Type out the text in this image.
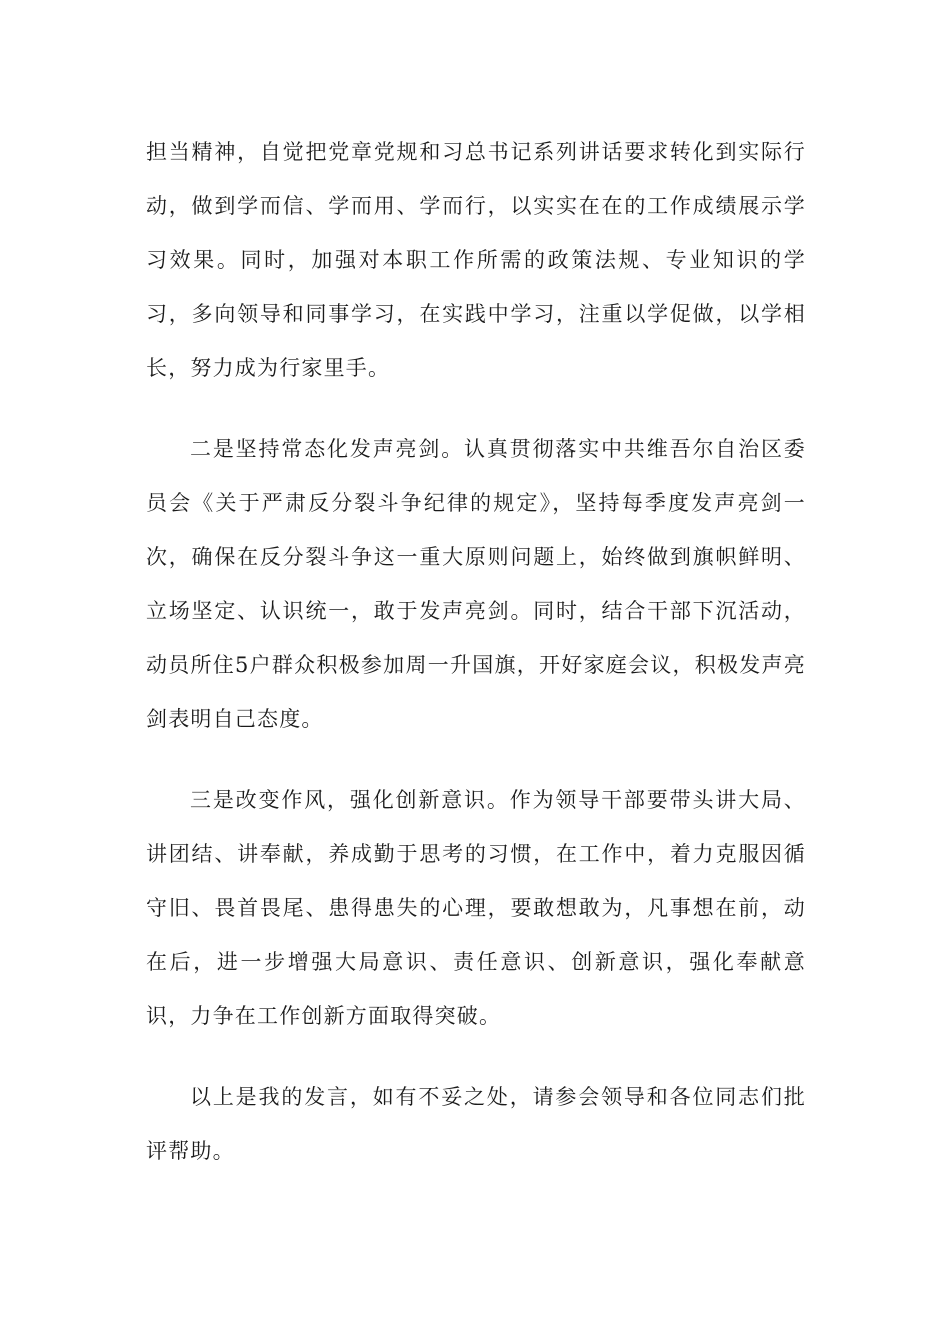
担当精神，自觉把党章党规和习总书记系列讲话要求转化到实际行动，做到学而信、学而用、学而行，以实实在在的工作成绩展示学习效果。同时，加强对本职工作所需的政策法规、专业知识的学习，多向领导和同事学习，在实践中学习，注重以学促做，以学相长，努力成为行家里手。

二是坚持常态化发声亮剑。认真贯彻落实中共维吾尔自治区委员会《关于严肃反分裂斗争纪律的规定》，坚持每季度发声亮剑一次，确保在反分裂斗争这一重大原则问题上，始终做到旗帜鲜明、立场坚定、认识统一，敢于发声亮剑。同时，结合干部下沉活动，动员所住5户群众积极参加周一升国旗，开好家庭会议，积极发声亮剑表明自己态度。

三是改变作风，强化创新意识。作为领导干部要带头讲大局、讲团结、讲奉献，养成勤于思考的习惯，在工作中，着力克服因循守旧、畏首畏尾、患得患失的心理，要敢想敢为，凡事想在前，动在后，进一步增强大局意识、责任意识、创新意识，强化奉献意识，力争在工作创新方面取得突破。

以上是我的发言，如有不妥之处，请参会领导和各位同志们批评帮助。
